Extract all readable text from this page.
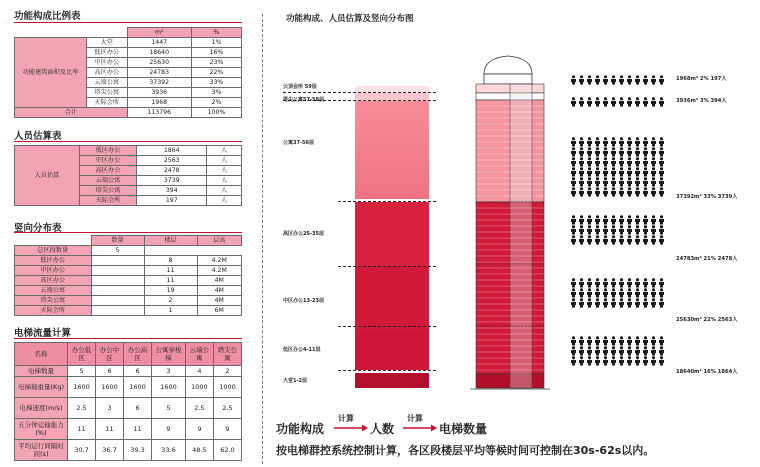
功能构成比例表
		m²	%
功能建筑面积及比率	大堂	1447	1%
	低区办公	18640	16%
	中区办公	25630	23%
	高区办公	24783	22%
	云端公寓	37392	33%
	塔尖公寓	3936	3%
	天际会所	1968	2%
合计		113796	100%
人员估算表
人员估算	低区办公	1864	人
	中区办公	2563	人
	高区办公	2478	人
	云端公寓	3739	人
	塔尖公寓	394	人
	天际会所	197	人
竖向分布表
	数量	楼层	层高
总区段数量	5		
低区办公		8	4.2M
中区办公		11	4.2M
高区办公		11	4M
云端公寓		19	4M
塔尖公寓		2	4M
天际会所		1	6M
电梯流量计算
名称	办公低区	办公中区	办公高区	公寓穿梭梯	云端公寓	塔尖公寓
电梯数量	5	6	6	3	4	2
电梯载重量(Kg)	1600	1600	1600	1600	1000	1000
电梯速度(m/s)	2.5	3	6	5	2.5	2.5
五分钟运输能力(%)	11	11	11	9	9	9
平均运行间隔时间(s)	30.7	36.7	39.3	33.6	48.5	62.0
功能构成、人员估算及竖向分布图
云顶会所 59层
塔尖公寓57-58层
公寓37-56层
高区办公25-35层
中区办公13-23层
低区办公4-11层
大堂1-2层
1968m² 2% 197人
3936m² 3% 394人
37392m² 33% 3739人
24783m² 21% 2478人
25630m² 22% 2563人
18640m² 16% 1864人
功能构成
计算
人数
计算
电梯数量
按电梯群控系统控制计算，各区段楼层平均等候时间可控制在30s-62s以内。
